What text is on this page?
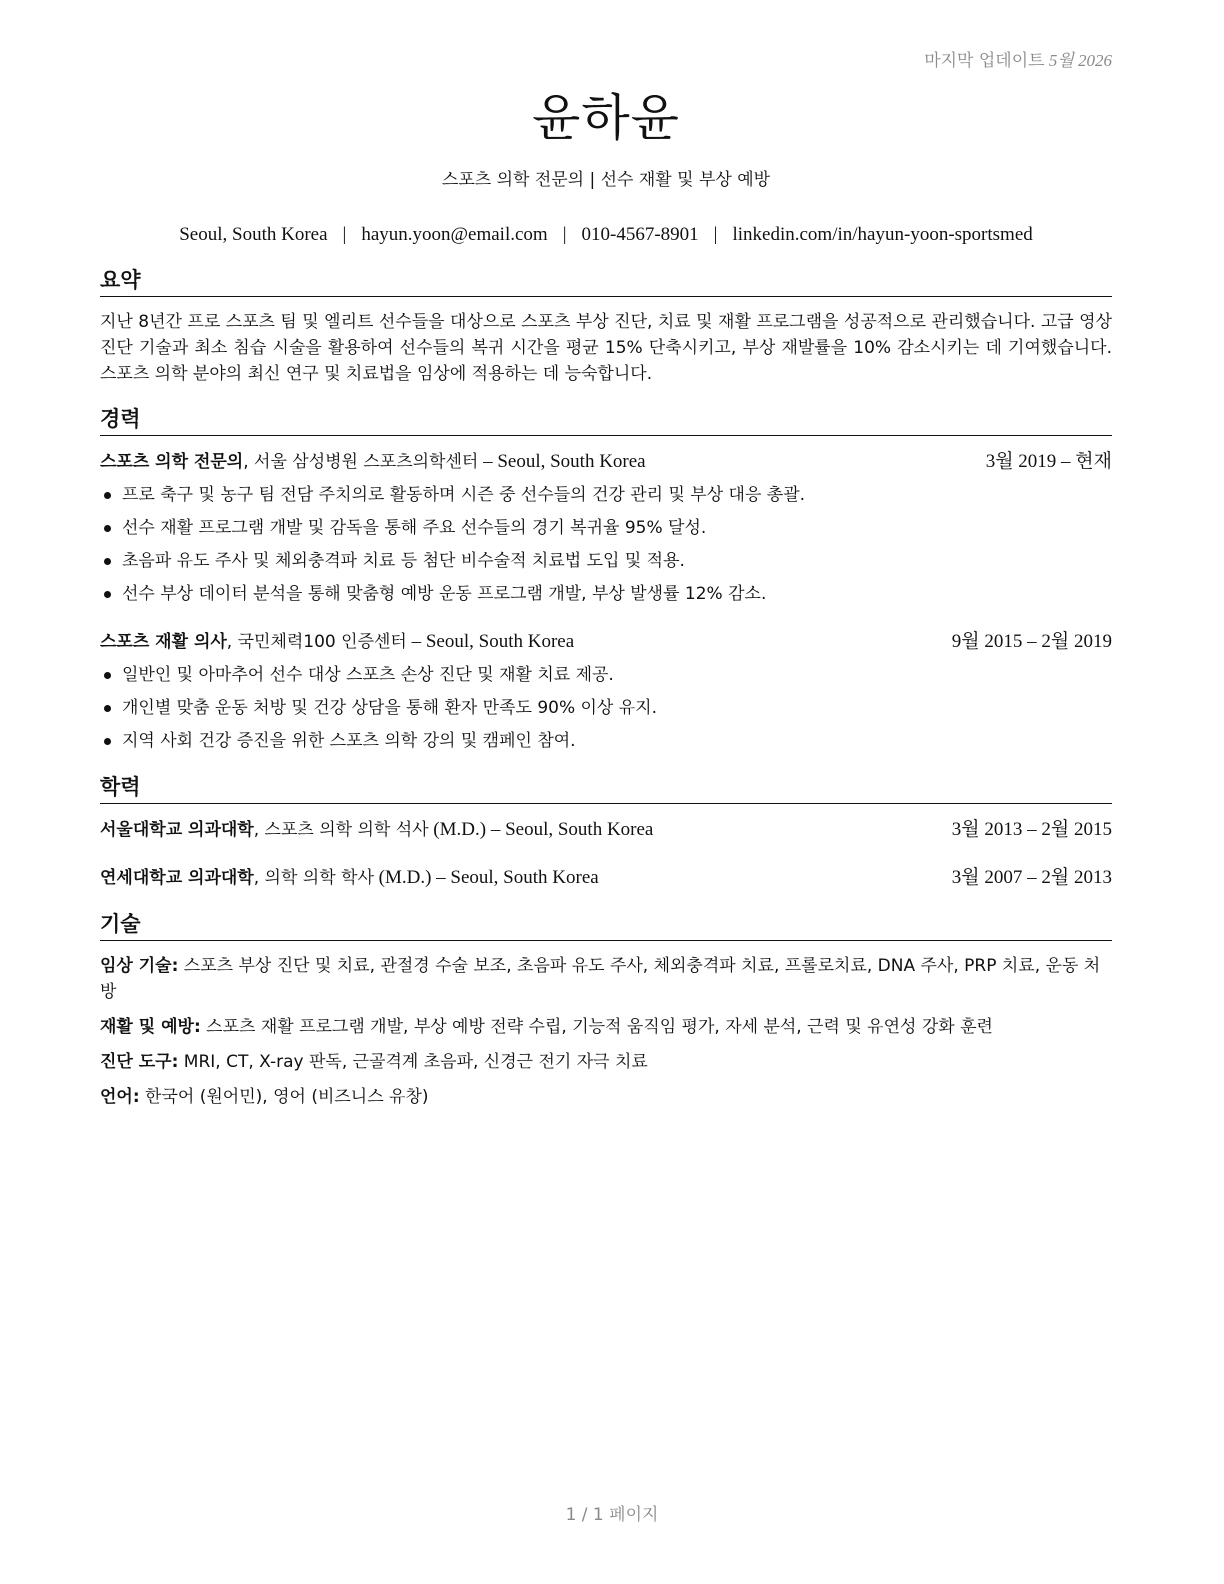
마지막 업데이트 5월 2026
윤하윤
스포츠 의학 전문의 | 선수 재활 및 부상 예방
Seoul, South Korea | hayun.yoon@email.com | 010-4567-8901 | linkedin.com/in/hayun-yoon-sportsmed
요약
지난 8년간 프로 스포츠 팀 및 엘리트 선수들을 대상으로 스포츠 부상 진단, 치료 및 재활 프로그램을 성공적으로 관리했습니다. 고급 영상 진단 기술과 최소 침습 시술을 활용하여 선수들의 복귀 시간을 평균 15% 단축시키고, 부상 재발률을 10% 감소시키는 데 기여했습니다. 스포츠 의학 분야의 최신 연구 및 치료법을 임상에 적용하는 데 능숙합니다.
경력
스포츠 의학 전문의, 서울 삼성병원 스포츠의학센터 – Seoul, South Korea	3월 2019 – 현재
프로 축구 및 농구 팀 전담 주치의로 활동하며 시즌 중 선수들의 건강 관리 및 부상 대응 총괄.
선수 재활 프로그램 개발 및 감독을 통해 주요 선수들의 경기 복귀율 95% 달성.
초음파 유도 주사 및 체외충격파 치료 등 첨단 비수술적 치료법 도입 및 적용.
선수 부상 데이터 분석을 통해 맞춤형 예방 운동 프로그램 개발, 부상 발생률 12% 감소.
스포츠 재활 의사, 국민체력100 인증센터 – Seoul, South Korea	9월 2015 – 2월 2019
일반인 및 아마추어 선수 대상 스포츠 손상 진단 및 재활 치료 제공.
개인별 맞춤 운동 처방 및 건강 상담을 통해 환자 만족도 90% 이상 유지.
지역 사회 건강 증진을 위한 스포츠 의학 강의 및 캠페인 참여.
학력
서울대학교 의과대학, 스포츠 의학 의학 석사 (M.D.) – Seoul, South Korea	3월 2013 – 2월 2015
연세대학교 의과대학, 의학 의학 학사 (M.D.) – Seoul, South Korea	3월 2007 – 2월 2013
기술
임상 기술: 스포츠 부상 진단 및 치료, 관절경 수술 보조, 초음파 유도 주사, 체외충격파 치료, 프롤로치료, DNA 주사, PRP 치료, 운동 처방
재활 및 예방: 스포츠 재활 프로그램 개발, 부상 예방 전략 수립, 기능적 움직임 평가, 자세 분석, 근력 및 유연성 강화 훈련
진단 도구: MRI, CT, X-ray 판독, 근골격계 초음파, 신경근 전기 자극 치료
언어: 한국어 (원어민), 영어 (비즈니스 유창)
1 / 1 페이지
